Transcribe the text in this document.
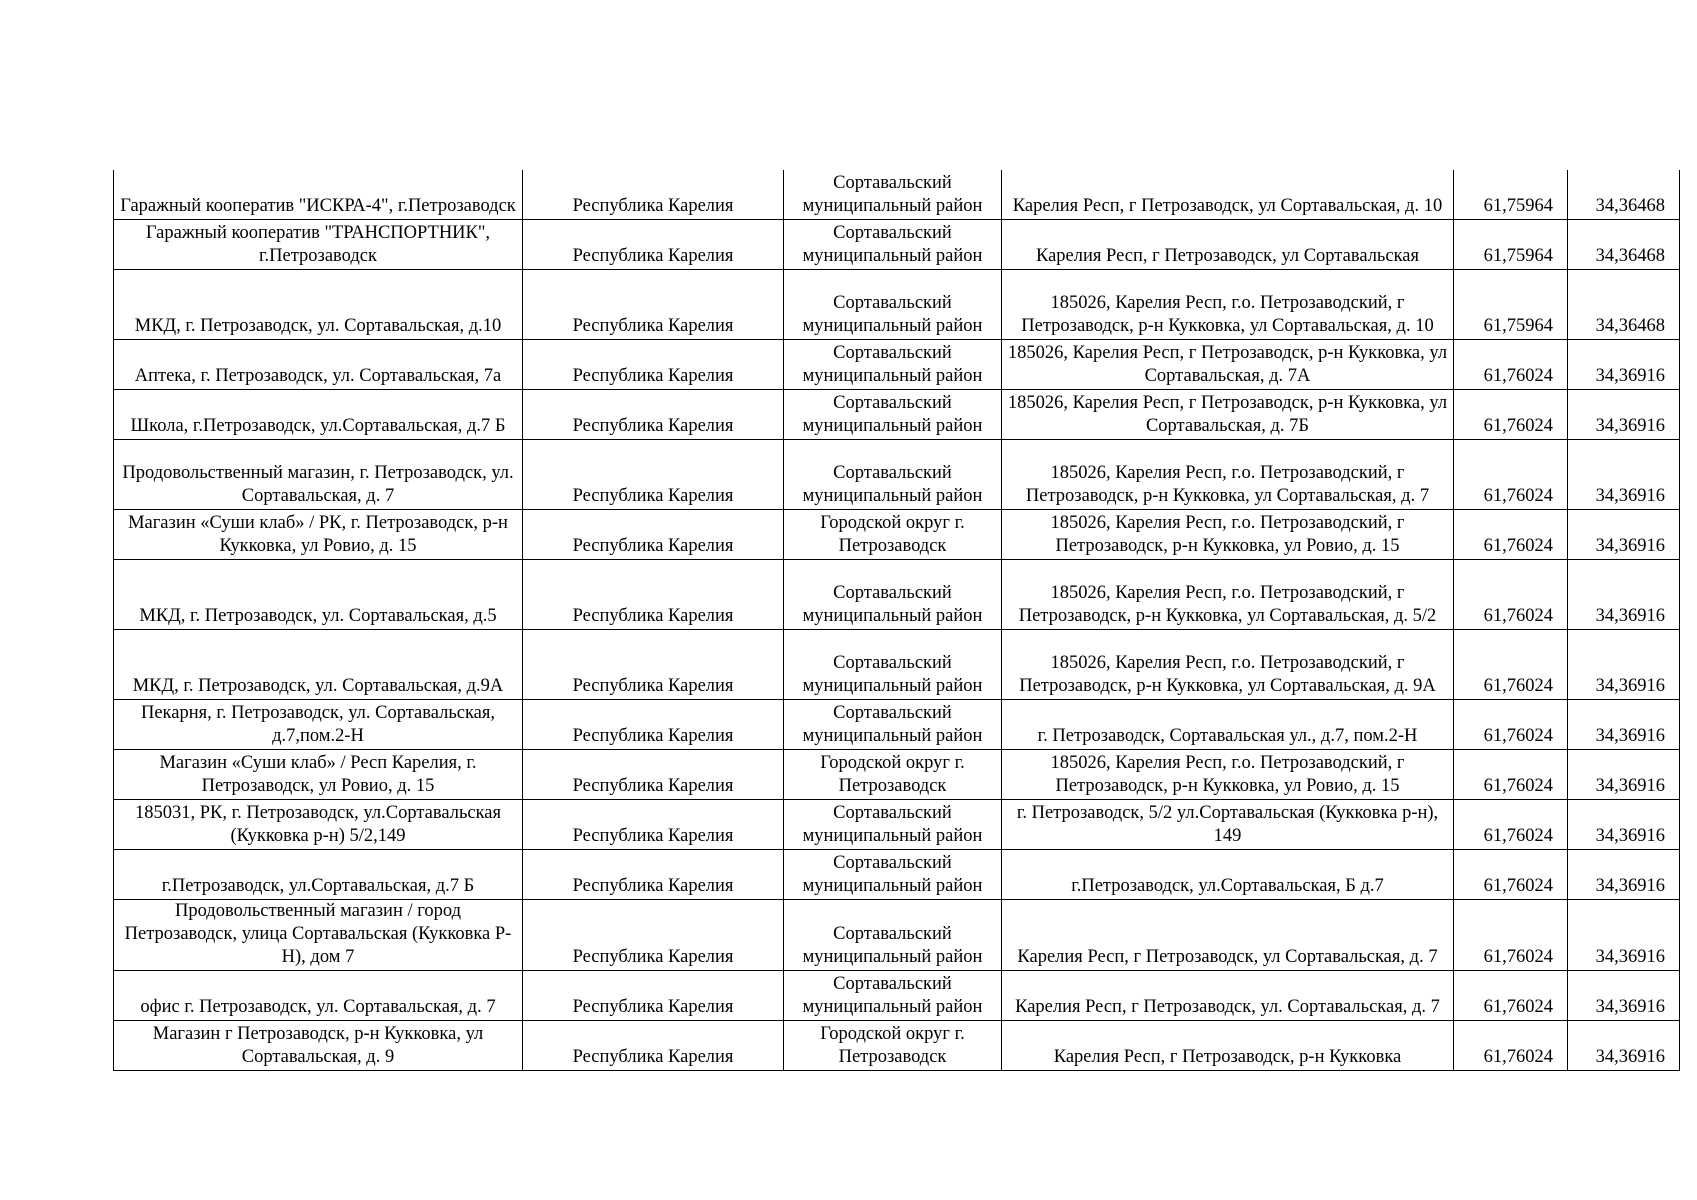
Гаражный кооператив "ИСКРА-4", г.Петрозаводск	Республика Карелия	Сортавальский муниципальный район	Карелия Респ, г Петрозаводск, ул Сортавальская, д. 10	61,75964	34,36468
Гаражный кооператив "ТРАНСПОРТНИК", г.Петрозаводск	Республика Карелия	Сортавальский муниципальный район	Карелия Респ, г Петрозаводск, ул Сортавальская	61,75964	34,36468
МКД, г. Петрозаводск, ул. Сортавальская, д.10	Республика Карелия	Сортавальский муниципальный район	185026, Карелия Респ, г.о. Петрозаводский, г Петрозаводск, р-н Кукковка, ул Сортавальская, д. 10	61,75964	34,36468
Аптека, г. Петрозаводск, ул. Сортавальская, 7а	Республика Карелия	Сортавальский муниципальный район	185026, Карелия Респ, г Петрозаводск, р-н Кукковка, ул Сортавальская, д. 7А	61,76024	34,36916
Школа, г.Петрозаводск, ул.Сортавальская, д.7 Б	Республика Карелия	Сортавальский муниципальный район	185026, Карелия Респ, г Петрозаводск, р-н Кукковка, ул Сортавальская, д. 7Б	61,76024	34,36916
Продовольственный магазин, г. Петрозаводск, ул. Сортавальская, д. 7	Республика Карелия	Сортавальский муниципальный район	185026, Карелия Респ, г.о. Петрозаводский, г Петрозаводск, р-н Кукковка, ул Сортавальская, д. 7	61,76024	34,36916
Магазин «Суши клаб» / РК, г. Петрозаводск, р-н Кукковка, ул Ровио, д. 15	Республика Карелия	Городской округ г. Петрозаводск	185026, Карелия Респ, г.о. Петрозаводский, г Петрозаводск, р-н Кукковка, ул Ровио, д. 15	61,76024	34,36916
МКД, г. Петрозаводск, ул. Сортавальская, д.5	Республика Карелия	Сортавальский муниципальный район	185026, Карелия Респ, г.о. Петрозаводский, г Петрозаводск, р-н Кукковка, ул Сортавальская, д. 5/2	61,76024	34,36916
МКД, г. Петрозаводск, ул. Сортавальская, д.9А	Республика Карелия	Сортавальский муниципальный район	185026, Карелия Респ, г.о. Петрозаводский, г Петрозаводск, р-н Кукковка, ул Сортавальская, д. 9А	61,76024	34,36916
Пекарня, г. Петрозаводск, ул. Сортавальская, д.7,пом.2-Н	Республика Карелия	Сортавальский муниципальный район	г. Петрозаводск, Сортавальская ул., д.7, пом.2-Н	61,76024	34,36916
Магазин «Суши клаб» / Респ Карелия, г. Петрозаводск, ул Ровио, д. 15	Республика Карелия	Городской округ г. Петрозаводск	185026, Карелия Респ, г.о. Петрозаводский, г Петрозаводск, р-н Кукковка, ул Ровио, д. 15	61,76024	34,36916
185031, РК, г. Петрозаводск, ул.Сортавальская (Кукковка р-н) 5/2,149	Республика Карелия	Сортавальский муниципальный район	г. Петрозаводск, 5/2 ул.Сортавальская (Кукковка р-н), 149	61,76024	34,36916
г.Петрозаводск, ул.Сортавальская, д.7 Б	Республика Карелия	Сортавальский муниципальный район	г.Петрозаводск, ул.Сортавальская, Б д.7	61,76024	34,36916
Продовольственный магазин / город Петрозаводск, улица Сортавальская (Кукковка Р-Н), дом 7	Республика Карелия	Сортавальский муниципальный район	Карелия Респ, г Петрозаводск, ул Сортавальская, д. 7	61,76024	34,36916
офис г. Петрозаводск, ул. Сортавальская, д. 7	Республика Карелия	Сортавальский муниципальный район	Карелия Респ, г Петрозаводск, ул. Сортавальская, д. 7	61,76024	34,36916
Магазин г Петрозаводск, р-н Кукковка, ул Сортавальская, д. 9	Республика Карелия	Городской округ г. Петрозаводск	Карелия Респ, г Петрозаводск, р-н Кукковка	61,76024	34,36916
